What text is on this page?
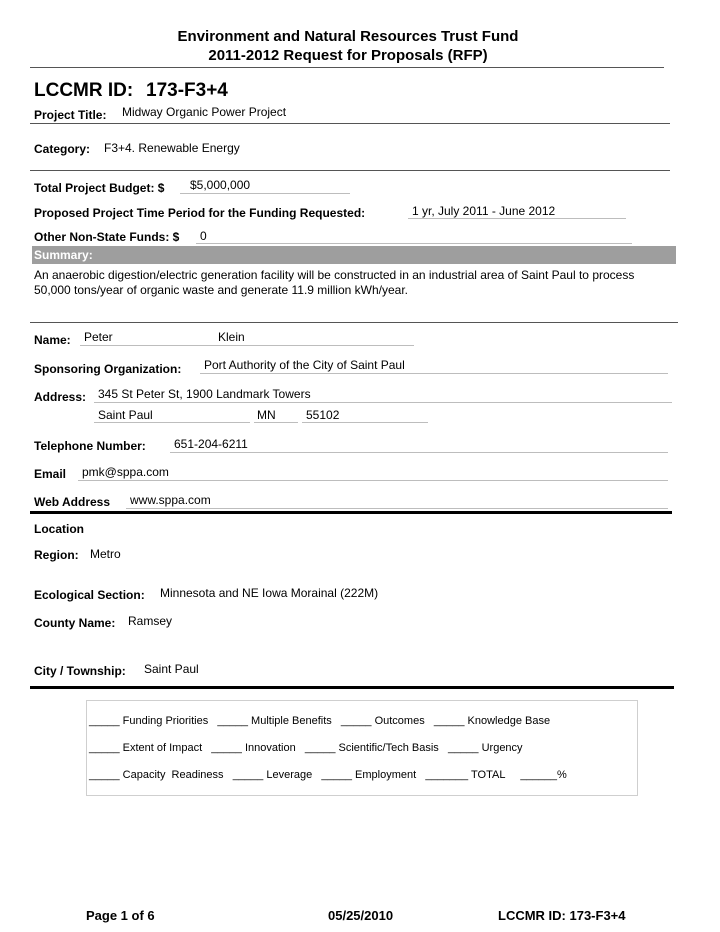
Environment and Natural Resources Trust Fund
2011-2012 Request for Proposals (RFP)
LCCMR ID: 173-F3+4
Project Title: Midway Organic Power Project
Category: F3+4. Renewable Energy
Total Project Budget: $ $5,000,000
Proposed Project Time Period for the Funding Requested:	1 yr, July 2011 - June 2012
Other Non-State Funds: $ 0
Summary:
An anaerobic digestion/electric generation facility will be constructed in an industrial area of Saint Paul to process 50,000 tons/year of organic waste and generate 11.9 million kWh/year.
Name: Peter	Klein
Sponsoring Organization: Port Authority of the City of Saint Paul
Address: 345 St Peter St, 1900 Landmark Towers
Saint Paul	MN	55102
Telephone Number: 651-204-6211
Email pmk@sppa.com
Web Address www.sppa.com
Location
Region: Metro
Ecological Section: Minnesota and NE Iowa Morainal (222M)
County Name: Ramsey
City / Township: Saint Paul
_____ Funding Priorities   _____ Multiple Benefits   _____ Outcomes   _____ Knowledge Base
_____ Extent of Impact   _____ Innovation   _____ Scientific/Tech Basis   _____ Urgency
_____ Capacity  Readiness   _____ Leverage   _____ Employment   _______ TOTAL     ______%
Page 1 of 6	05/25/2010	LCCMR ID: 173-F3+4
